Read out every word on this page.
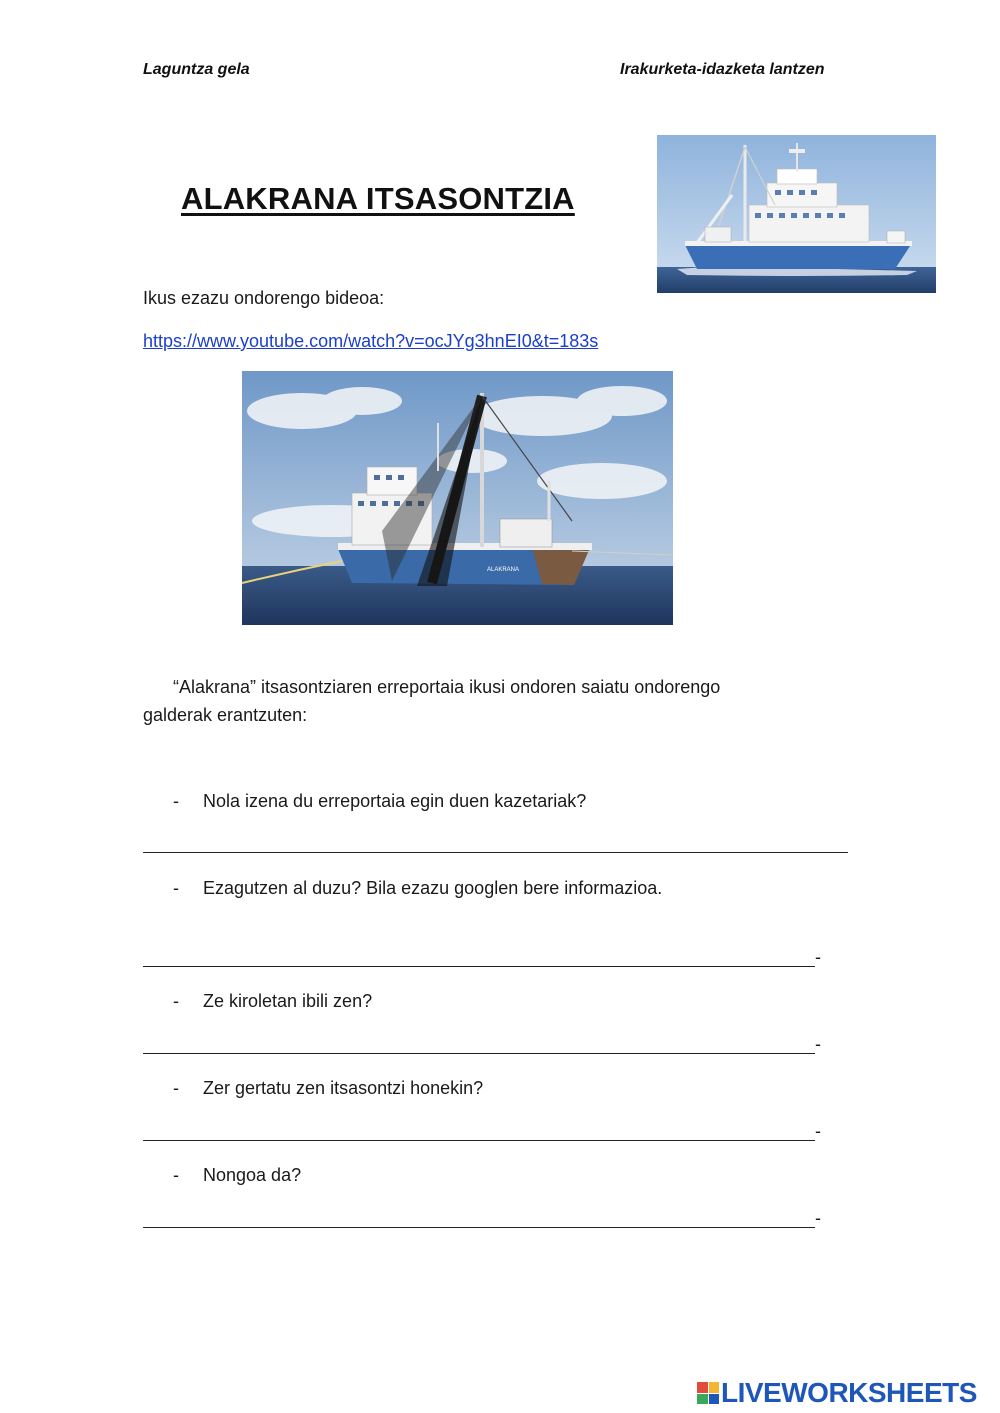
Laguntza gela	Irakurketa-idazketa lantzen
ALAKRANA ITSASONTZIA
Ikus ezazu ondorengo bideoa:
https://www.youtube.com/watch?v=ocJYg3hnEI0&t=183s
ALAKRANA
“Alakrana” itsasontziaren erreportaia ikusi ondoren saiatu ondorengo
galderak erantzuten:
- Nola izena du erreportaia egin duen kazetariak?
- Ezagutzen al duzu? Bila ezazu googlen bere informazioa.
-
- Ze kiroletan ibili zen?
-
- Zer gertatu zen itsasontzi honekin?
-
- Nongoa da?
-
LIVEWORKSHEETS
